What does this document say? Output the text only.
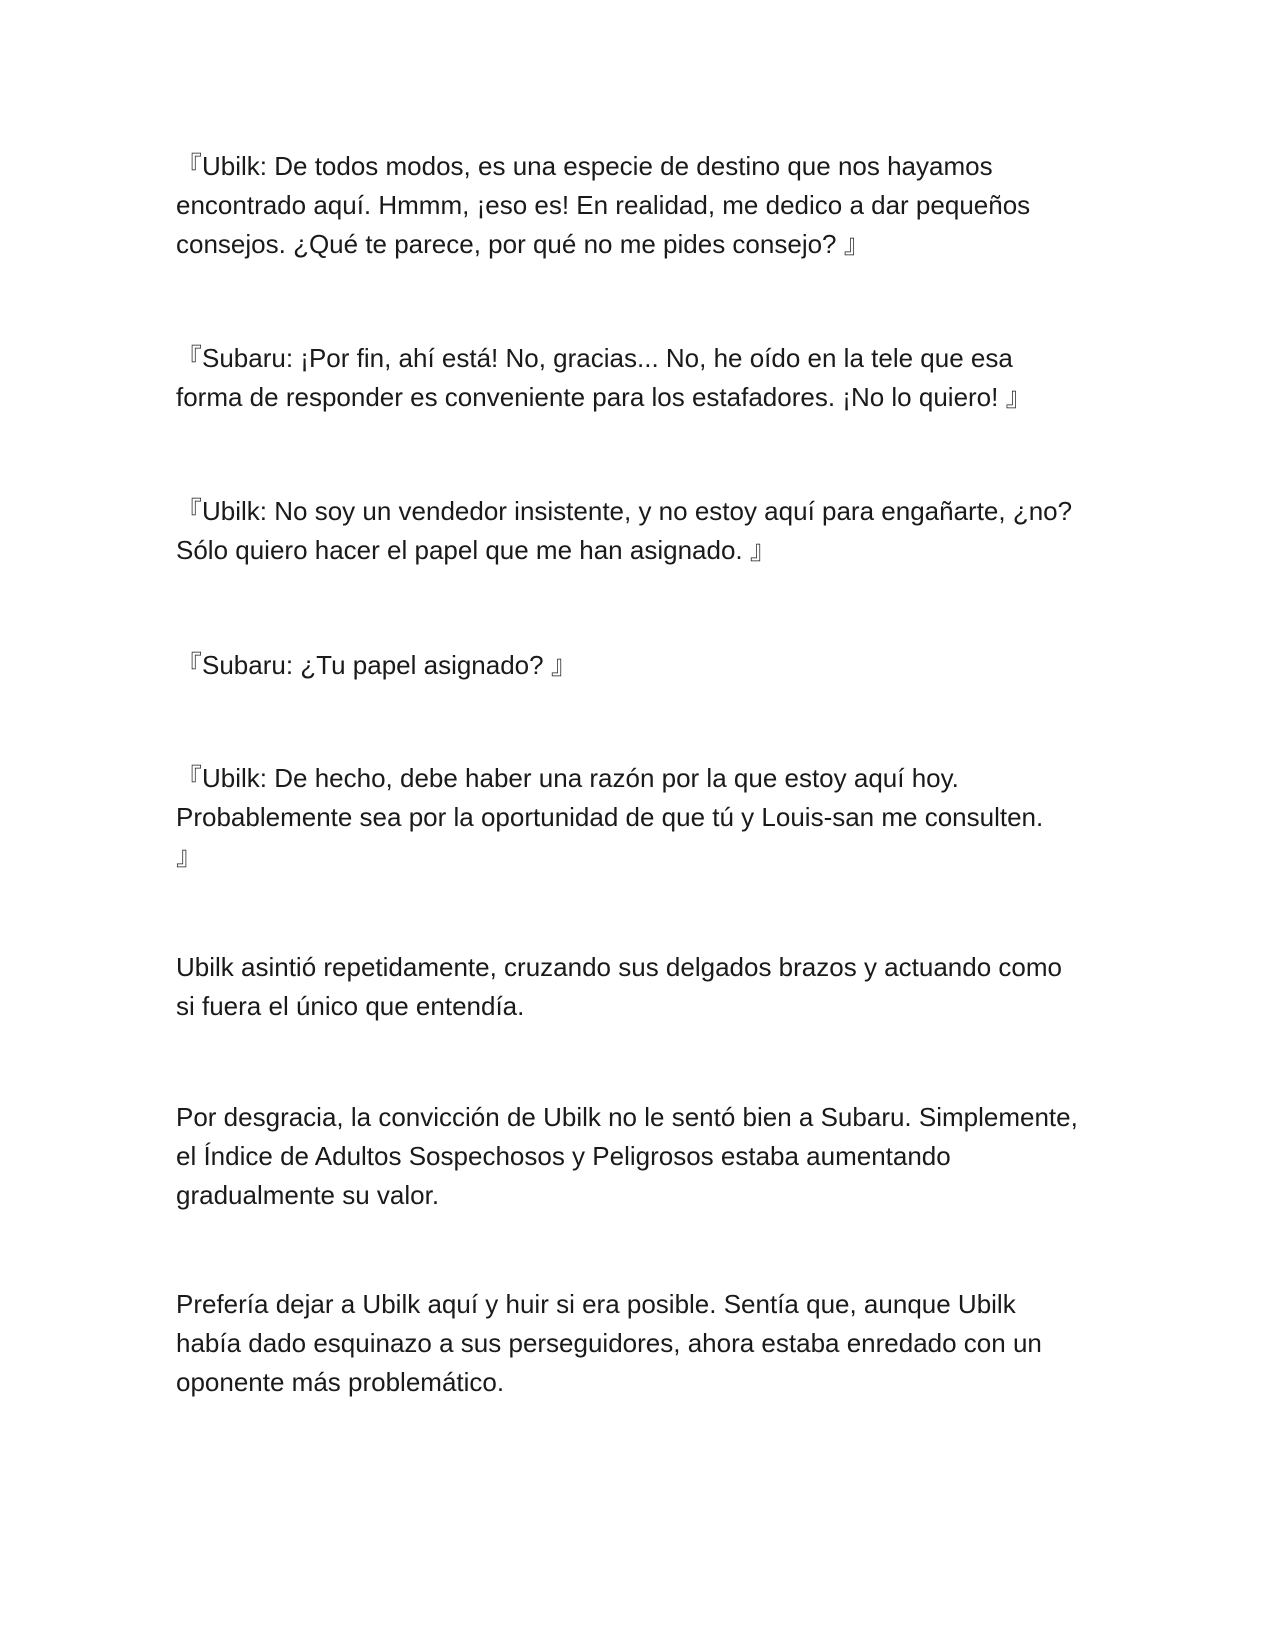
『Ubilk: De todos modos, es una especie de destino que nos hayamos
encontrado aquí. Hmmm, ¡eso es! En realidad, me dedico a dar pequeños
consejos. ¿Qué te parece, por qué no me pides consejo? 』

『Subaru: ¡Por fin, ahí está! No, gracias... No, he oído en la tele que esa
forma de responder es conveniente para los estafadores. ¡No lo quiero! 』

『Ubilk: No soy un vendedor insistente, y no estoy aquí para engañarte, ¿no?
Sólo quiero hacer el papel que me han asignado. 』

『Subaru: ¿Tu papel asignado? 』

『Ubilk: De hecho, debe haber una razón por la que estoy aquí hoy.
Probablemente sea por la oportunidad de que tú y Louis-san me consulten.
』

Ubilk asintió repetidamente, cruzando sus delgados brazos y actuando como
si fuera el único que entendía.

Por desgracia, la convicción de Ubilk no le sentó bien a Subaru. Simplemente,
el Índice de Adultos Sospechosos y Peligrosos estaba aumentando
gradualmente su valor.

Prefería dejar a Ubilk aquí y huir si era posible. Sentía que, aunque Ubilk
había dado esquinazo a sus perseguidores, ahora estaba enredado con un
oponente más problemático.
